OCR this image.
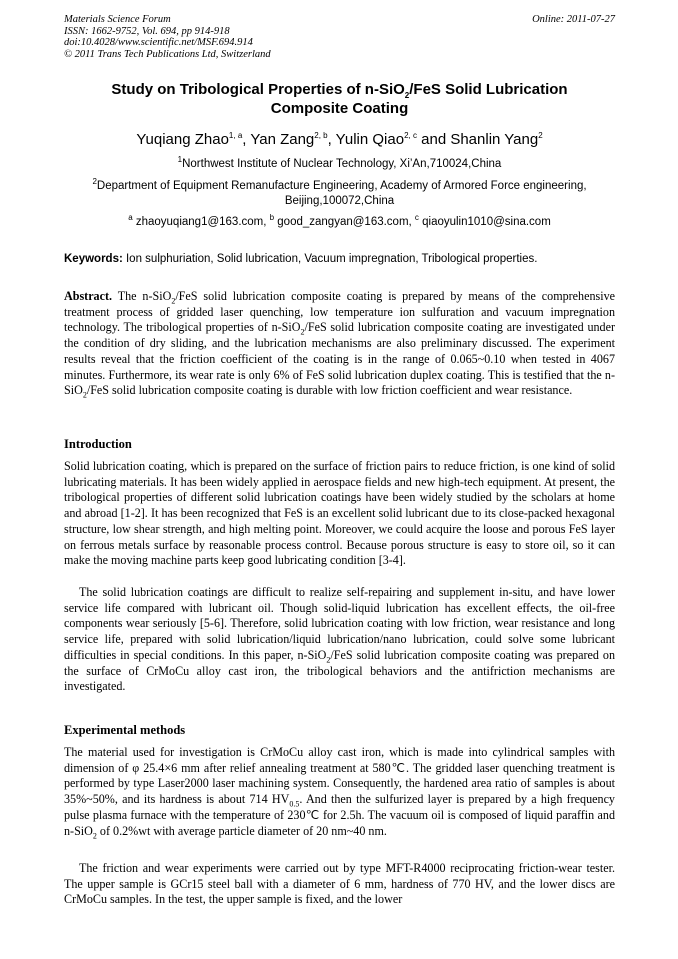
Materials Science Forum	Online: 2011-07-27
ISSN: 1662-9752, Vol. 694, pp 914-918
doi:10.4028/www.scientific.net/MSF.694.914
© 2011 Trans Tech Publications Ltd, Switzerland
Study on Tribological Properties of n-SiO$_2$/FeS Solid Lubrication
Composite Coating
Yuqiang Zhao$^{1, a}$, Yan Zang$^{2, b}$, Yulin Qiao$^{2, c}$ and Shanlin Yang$^2$
$^1$Northwest Institute of Nuclear Technology, Xi’An,710024,China
$^2$Department of Equipment Remanufacture Engineering, Academy of Armored Force engineering,
Beijing,100072,China
$^a$ zhaoyuqiang1@163.com, $^b$ good_zangyan@163.com, $^c$ qiaoyulin1010@sina.com
Keywords: Ion sulphuriation, Solid lubrication, Vacuum impregnation, Tribological properties.
Abstract. The n-SiO$_2$/FeS solid lubrication composite coating is prepared by means of the comprehensive treatment process of gridded laser quenching, low temperature ion sulfuration and vacuum impregnation technology. The tribological properties of n-SiO$_2$/FeS solid lubrication composite coating are investigated under the condition of dry sliding, and the lubrication mechanisms are also preliminary discussed. The experiment results reveal that the friction coefficient of the coating is in the range of 0.065~0.10 when tested in 4067 minutes. Furthermore, its wear rate is only 6% of FeS solid lubrication duplex coating. This is testified that the n-SiO$_2$/FeS solid lubrication composite coating is durable with low friction coefficient and wear resistance.
Introduction
Solid lubrication coating, which is prepared on the surface of friction pairs to reduce friction, is one kind of solid lubricating materials. It has been widely applied in aerospace fields and new high-tech equipment. At present, the tribological properties of different solid lubrication coatings have been widely studied by the scholars at home and abroad [1-2]. It has been recognized that FeS is an excellent solid lubricant due to its close-packed hexagonal structure, low shear strength, and high melting point. Moreover, we could acquire the loose and porous FeS layer on ferrous metals surface by reasonable process control. Because porous structure is easy to store oil, so it can make the moving machine parts keep good lubricating condition [3-4].
The solid lubrication coatings are difficult to realize self-repairing and supplement in-situ, and have lower service life compared with lubricant oil. Though solid-liquid lubrication has excellent effects, the oil-free components wear seriously [5-6]. Therefore, solid lubrication coating with low friction, wear resistance and long service life, prepared with solid lubrication/liquid lubrication/nano lubrication, could solve some lubricant difficulties in special conditions. In this paper, n-SiO$_2$/FeS solid lubrication composite coating was prepared on the surface of CrMoCu alloy cast iron, the tribological behaviors and the antifriction mechanisms are investigated.
Experimental methods
The material used for investigation is CrMoCu alloy cast iron, which is made into cylindrical samples with dimension of φ 25.4×6 mm after relief annealing treatment at 580℃. The gridded laser quenching treatment is performed by type Laser2000 laser machining system. Consequently, the hardened area ratio of samples is about 35%~50%, and its hardness is about 714 $HV_{0.5}$. And then the sulfurized layer is prepared by a high frequency pulse plasma furnace with the temperature of 230℃ for 2.5h. The vacuum oil is composed of liquid paraffin and n-SiO$_2$ of 0.2%wt with average particle diameter of 20 nm~40 nm.
The friction and wear experiments were carried out by type MFT-R4000 reciprocating friction-wear tester. The upper sample is GCr15 steel ball with a diameter of 6 mm, hardness of 770 HV, and the lower discs are CrMoCu samples. In the test, the upper sample is fixed, and the lower
